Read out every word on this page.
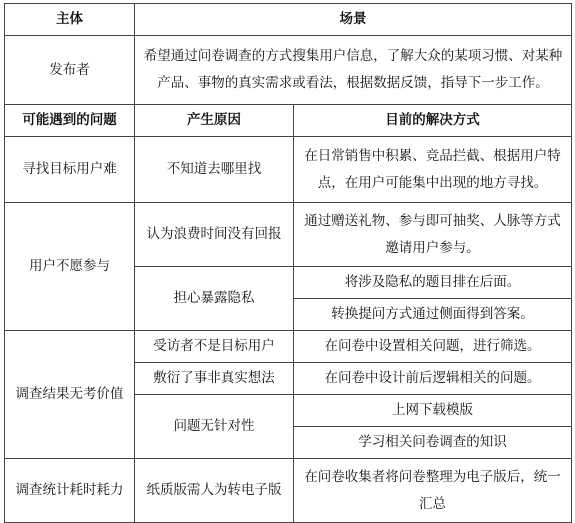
主体	场景	
发布者	希望通过问卷调查的方式搜集用户信息，了解大众的某项习惯、对某种产品、事物的真实需求或看法，根据数据反馈，指导下一步工作。	
可能遇到的问题	产生原因	目前的解决方式
寻找目标用户难	不知道去哪里找	在日常销售中积累、竞品拦截、根据用户特点，在用户可能集中出现的地方寻找。
用户不愿参与	认为浪费时间没有回报	通过赠送礼物、参与即可抽奖、人脉等方式邀请用户参与。
	担心暴露隐私	将涉及隐私的题目排在后面。
		转换提问方式通过侧面得到答案。
调查结果无考价值	受访者不是目标用户	在问卷中设置相关问题，进行筛选。
	敷衍了事非真实想法	在问卷中设计前后逻辑相关的问题。
	问题无针对性	上网下载模版
		学习相关问卷调查的知识
调查统计耗时耗力	纸质版需人为转电子版	在问卷收集者将问卷整理为电子版后，统一汇总
